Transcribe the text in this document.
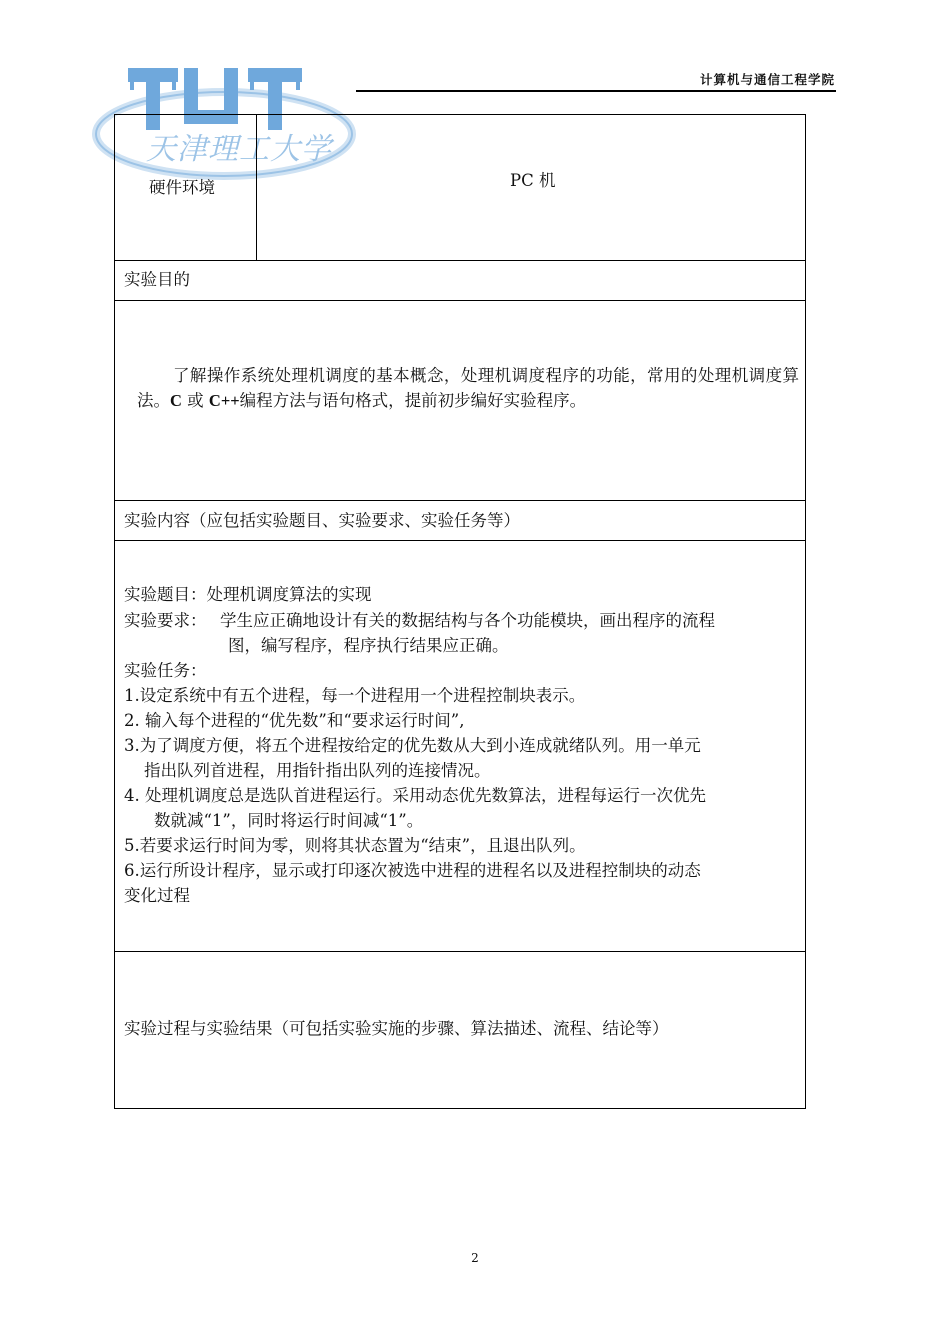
天津理工大学
计算机与通信工程学院
硬件环境	PC 机
实验目的
了解操作系统处理机调度的基本概念，处理机调度程序的功能，常用的处理机调度算法。C 或 C++编程方法与语句格式，提前初步编好实验程序。
实验内容（应包括实验题目、实验要求、实验任务等）
实验题目：处理机调度算法的实现
实验要求： 学生应正确地设计有关的数据结构与各个功能模块，画出程序的流程
图，编写程序，程序执行结果应正确。
实验任务：
1.设定系统中有五个进程，每一个进程用一个进程控制块表示。
2. 输入每个进程的“优先数”和“要求运行时间”,
3.为了调度方便，将五个进程按给定的优先数从大到小连成就绪队列。用一单元
指出队列首进程，用指针指出队列的连接情况。
4. 处理机调度总是选队首进程运行。采用动态优先数算法，进程每运行一次优先
数就减“1”，同时将运行时间减“1”。
5.若要求运行时间为零，则将其状态置为“结束”，且退出队列。
6.运行所设计程序，显示或打印逐次被选中进程的进程名以及进程控制块的动态
变化过程
实验过程与实验结果（可包括实验实施的步骤、算法描述、流程、结论等）
2
